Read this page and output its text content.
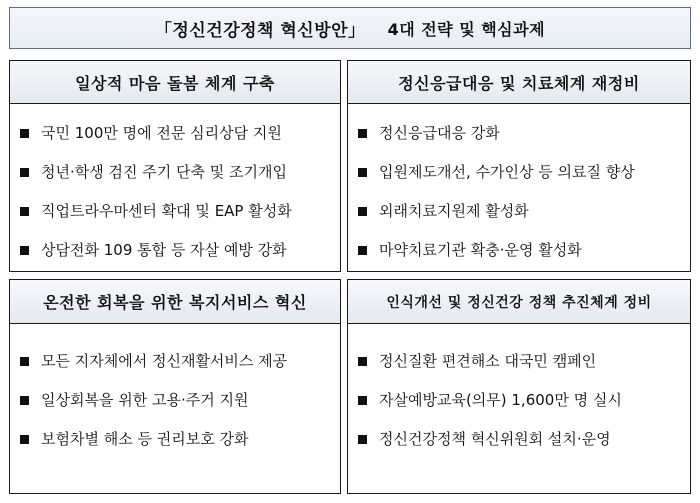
「정신건강정책 혁신방안」 4대 전략 및 핵심과제
일상적 마음 돌봄 체계 구축
국민 100만 명에 전문 심리상담 지원
청년·학생 검진 주기 단축 및 조기개입
직업트라우마센터 확대 및 EAP 활성화
상담전화 109 통합 등 자살 예방 강화
정신응급대응 및 치료체계 재정비
정신응급대응 강화
입원제도개선, 수가인상 등 의료질 향상
외래치료지원제 활성화
마약치료기관 확충·운영 활성화
온전한 회복을 위한 복지서비스 혁신
모든 지자체에서 정신재활서비스 제공
일상회복을 위한 고용·주거 지원
보험차별 해소 등 권리보호 강화
인식개선 및 정신건강 정책 추진체계 정비
정신질환 편견해소 대국민 캠페인
자살예방교육(의무) 1,600만 명 실시
정신건강정책 혁신위원회 설치·운영
